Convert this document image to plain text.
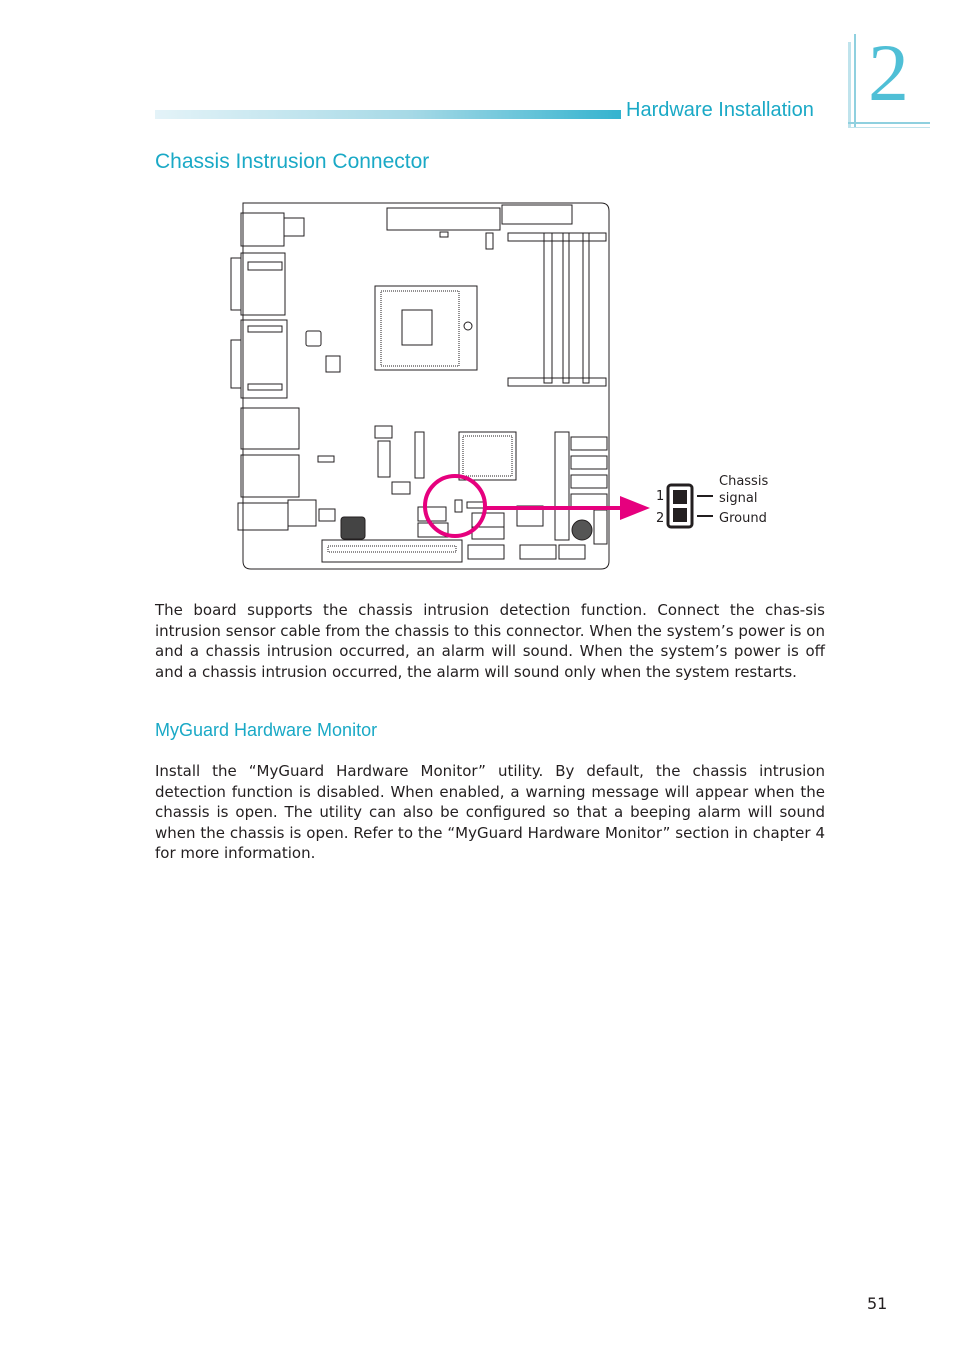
Hardware Installation 2
Chassis Instrusion Connector
1
2
Chassis
signal
Ground

The board supports the chassis intrusion detection function. Connect the chas-sis intrusion sensor cable from the chassis to this connector. When the system’s power is on and a chassis intrusion occurred, an alarm will sound. When the system’s power is off and a chassis intrusion occurred, the alarm will sound only when the system restarts.

MyGuard Hardware Monitor

Install the “MyGuard Hardware Monitor” utility. By default, the chassis intrusion detection function is disabled. When enabled, a warning message will appear when the chassis is open. The utility can also be configured so that a beeping alarm will sound when the chassis is open. Refer to the “MyGuard Hardware Monitor” section in chapter 4 for more information.

51
